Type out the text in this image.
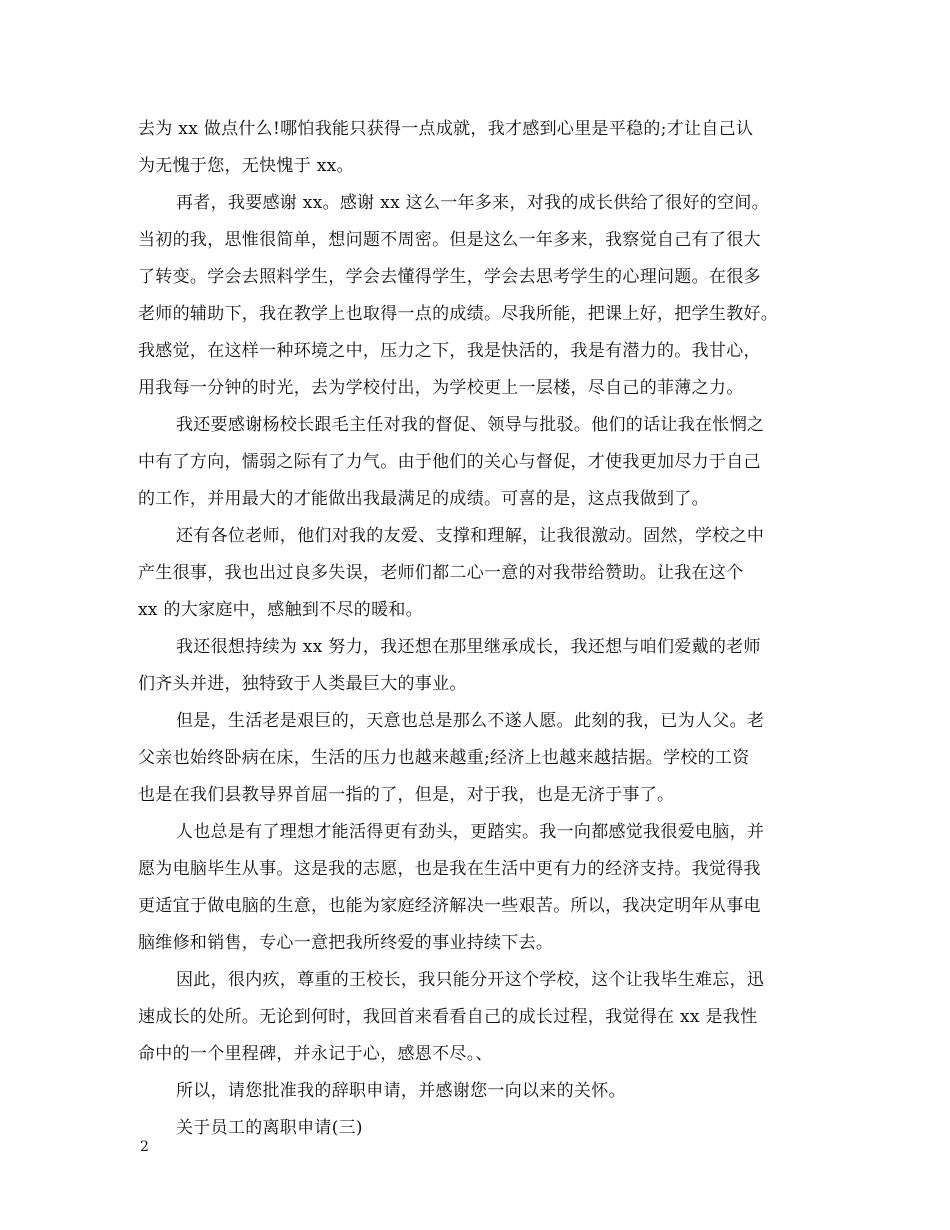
去为 xx 做点什么!哪怕我能只获得一点成就，我才感到心里是平稳的;才让自己认
为无愧于您，无快愧于 xx。
再者，我要感谢 xx。感谢 xx 这么一年多来，对我的成长供给了很好的空间。
当初的我，思惟很简单，想问题不周密。但是这么一年多来，我察觉自己有了很大
了转变。学会去照料学生，学会去懂得学生，学会去思考学生的心理问题。在很多
老师的辅助下，我在教学上也取得一点的成绩。尽我所能，把课上好，把学生教好。
我感觉，在这样一种环境之中，压力之下，我是快活的，我是有潜力的。我甘心，
用我每一分钟的时光，去为学校付出，为学校更上一层楼，尽自己的菲薄之力。
我还要感谢杨校长跟毛主任对我的督促、领导与批驳。他们的话让我在怅惘之
中有了方向，懦弱之际有了力气。由于他们的关心与督促，才使我更加尽力于自己
的工作，并用最大的才能做出我最满足的成绩。可喜的是，这点我做到了。
还有各位老师，他们对我的友爱、支撑和理解，让我很激动。固然，学校之中
产生很事，我也出过良多失误，老师们都二心一意的对我带给赞助。让我在这个
xx 的大家庭中，感触到不尽的暖和。
我还很想持续为 xx 努力，我还想在那里继承成长，我还想与咱们爱戴的老师
们齐头并进，独特致于人类最巨大的事业。
但是，生活老是艰巨的，天意也总是那么不遂人愿。此刻的我，已为人父。老
父亲也始终卧病在床，生活的压力也越来越重;经济上也越来越拮据。学校的工资
也是在我们县教导界首屈一指的了，但是，对于我，也是无济于事了。
人也总是有了理想才能活得更有劲头，更踏实。我一向都感觉我很爱电脑，并
愿为电脑毕生从事。这是我的志愿，也是我在生活中更有力的经济支持。我觉得我
更适宜于做电脑的生意，也能为家庭经济解决一些艰苦。所以，我决定明年从事电
脑维修和销售，专心一意把我所终爱的事业持续下去。
因此，很内疚，尊重的王校长，我只能分开这个学校，这个让我毕生难忘，迅
速成长的处所。无论到何时，我回首来看看自己的成长过程，我觉得在 xx 是我性
命中的一个里程碑，并永记于心，感恩不尽。、
所以，请您批准我的辞职申请，并感谢您一向以来的关怀。
关于员工的离职申请(三)
2
